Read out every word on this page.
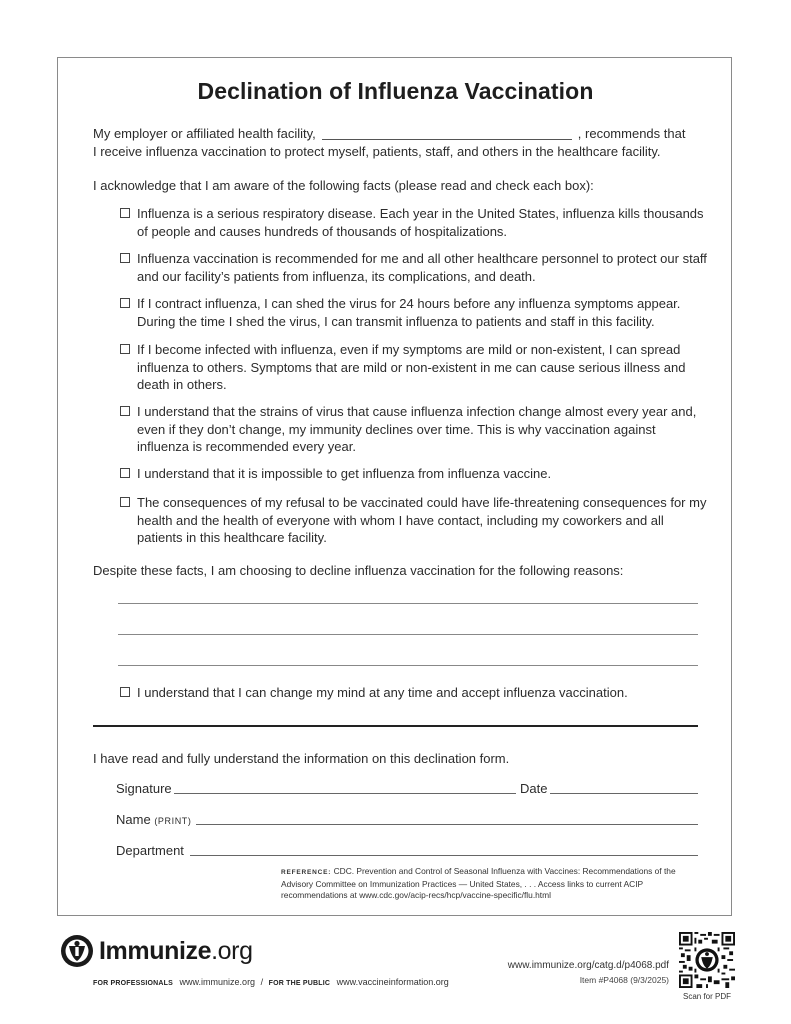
Declination of Influenza Vaccination
My employer or affiliated health facility,	, recommends that
I receive influenza vaccination to protect myself, patients, staff, and others in the healthcare facility.
I acknowledge that I am aware of the following facts (please read and check each box):
Influenza is a serious respiratory disease. Each year in the United States, influenza kills thousands of people and causes hundreds of thousands of hospitalizations.
Influenza vaccination is recommended for me and all other healthcare personnel to protect our staff and our facility’s patients from influenza, its complications, and death.
If I contract influenza, I can shed the virus for 24 hours before any influenza symptoms appear. During the time I shed the virus, I can transmit influenza to patients and staff in this facility.
If I become infected with influenza, even if my symptoms are mild or non-existent, I can spread influenza to others. Symptoms that are mild or non-existent in me can cause serious illness and death in others.
I understand that the strains of virus that cause influenza infection change almost every year and, even if they don’t change, my immunity declines over time. This is why vaccination against influenza is recommended every year.
I understand that it is impossible to get influenza from influenza vaccine.
The consequences of my refusal to be vaccinated could have life-threatening consequences for my health and the health of everyone with whom I have contact, including my coworkers and all patients in this healthcare facility.
Despite these facts, I am choosing to decline influenza vaccination for the following reasons:
I understand that I can change my mind at any time and accept influenza vaccination.
I have read and fully understand the information on this declination form.
Signature	Date
Name (PRINT)
Department
REFERENCE: CDC. Prevention and Control of Seasonal Influenza with Vaccines: Recommendations of the Advisory Committee on Immunization Practices — United States, . . . Access links to current ACIP recommendations at www.cdc.gov/acip-recs/hcp/vaccine-specific/flu.html
Immunize.org
FOR PROFESSIONALS www.immunize.org / FOR THE PUBLIC www.vaccineinformation.org
www.immunize.org/catg.d/p4068.pdf
Item #P4068 (9/3/2025)
Scan for PDF
